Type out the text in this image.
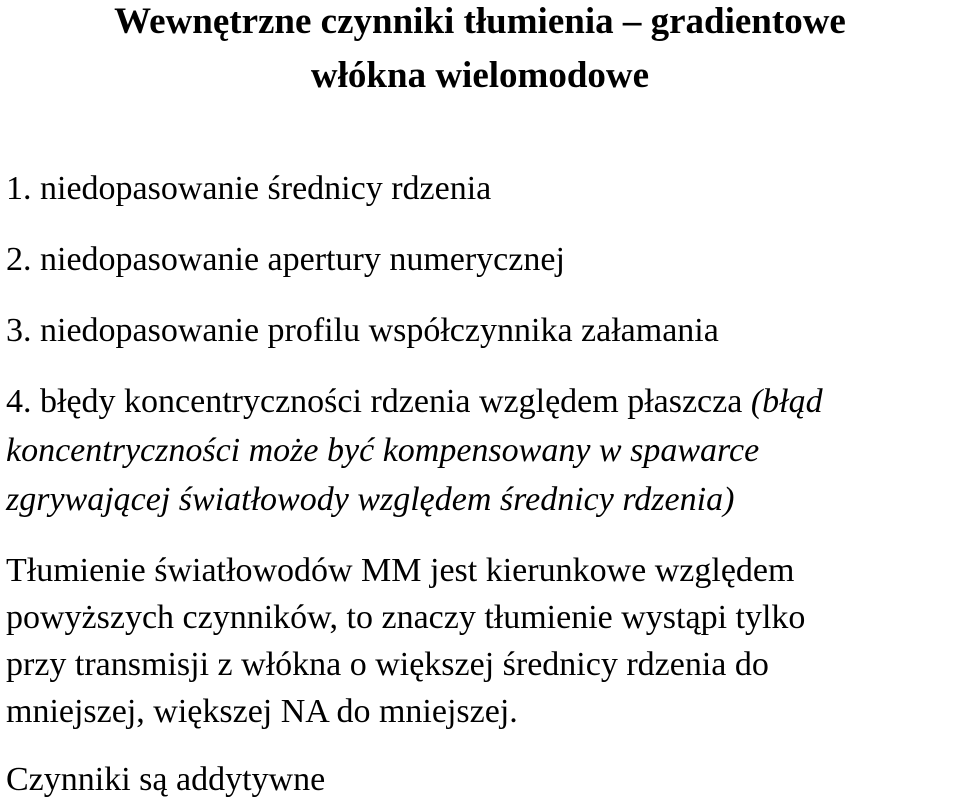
Wewnętrzne czynniki tłumienia – gradientowe
włókna wielomodowe

1. niedopasowanie średnicy rdzenia

2. niedopasowanie apertury numerycznej

3. niedopasowanie profilu współczynnika załamania

4. błędy koncentryczności rdzenia względem płaszcza (błąd

koncentryczności może być kompensowany w spawarce

zgrywającej światłowody względem średnicy rdzenia)

Tłumienie światłowodów MM jest kierunkowe względem

powyższych czynników, to znaczy tłumienie wystąpi tylko

przy transmisji z włókna o większej średnicy rdzenia do

mniejszej, większej NA do mniejszej.

Czynniki są addytywne
